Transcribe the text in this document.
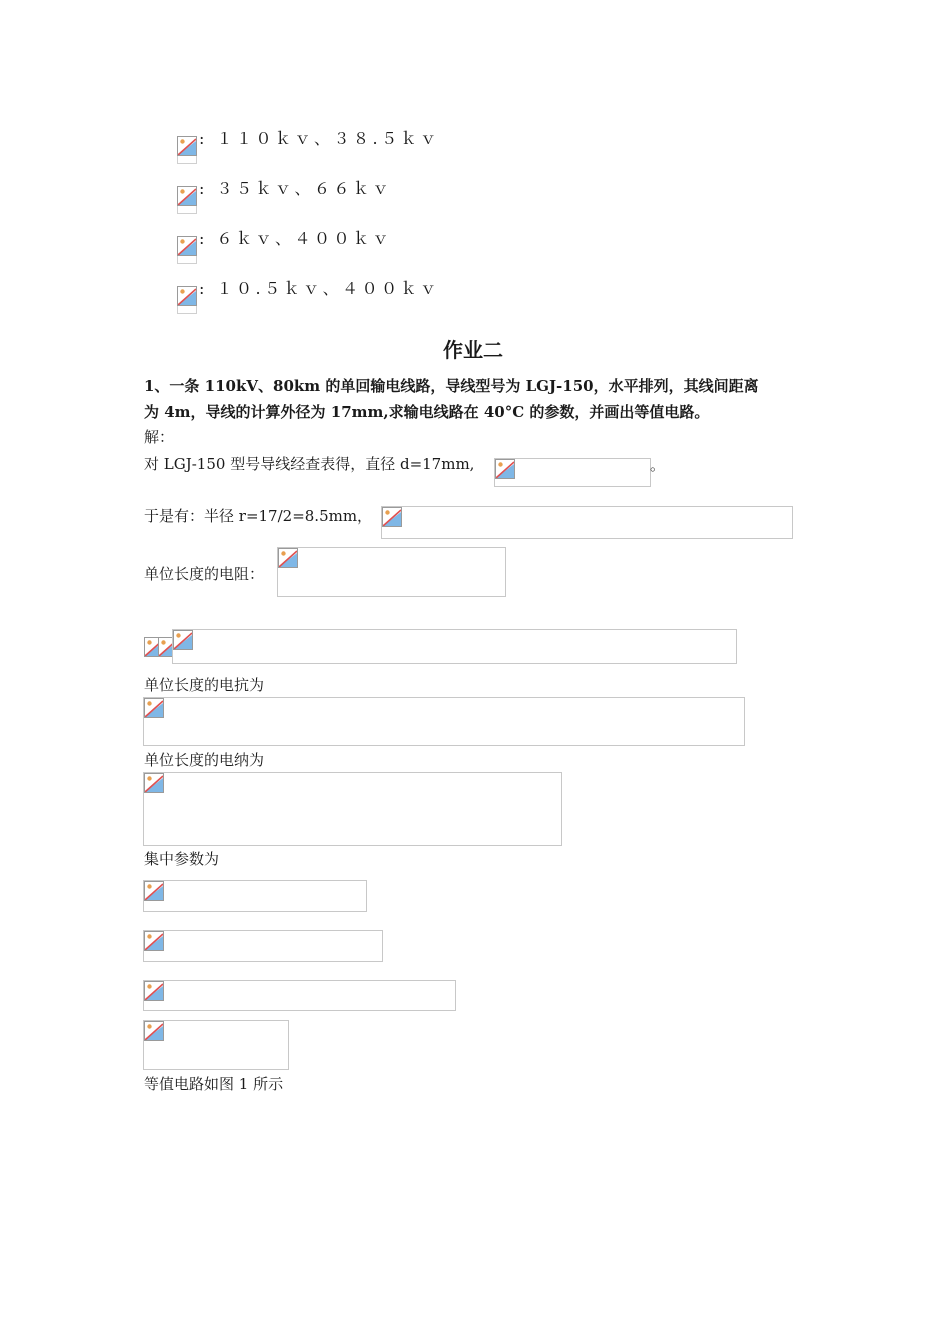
: １１０ｋｖ、３８.５ｋｖ
: ３５ｋｖ、６６ｋｖ
: ６ｋｖ、４００ｋｖ
: １０.５ｋｖ、４００ｋｖ
作业二
1、一条 110kV、80km 的单回输电线路，导线型号为 LGJ-150，水平排列，其线间距离
为 4m，导线的计算外径为 17mm,求输电线路在 40°C 的参数，并画出等值电路。
解：
对 LGJ-150 型号导线经查表得，直径 d=17mm,	。
于是有：半径 r=17/2=8.5mm，
单位长度的电阻：
单位长度的电抗为
单位长度的电纳为
集中参数为
等值电路如图 1 所示
